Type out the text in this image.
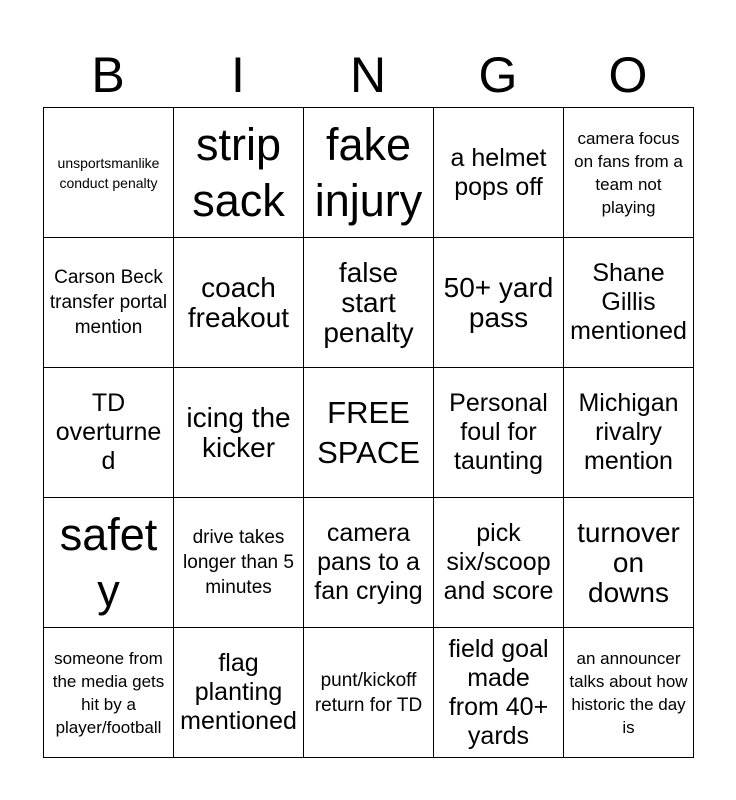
B	I	N	G	O
unsportsmanlike conduct penalty	strip sack	fake injury	a helmet pops off	camera focus on fans from a team not playing

Carson Beck transfer portal mention	coach freakout	false start penalty	50+ yard pass	Shane Gillis mentioned

TD overturned	icing the kicker	FREE SPACE	Personal foul for taunting	Michigan rivalry mention

safety	drive takes longer than 5 minutes	camera pans to a fan crying	pick six/scoop and score	turnover on downs

someone from the media gets hit by a player/football	flag planting mentioned	punt/kickoff return for TD	field goal made from 40+ yards	an announcer talks about how historic the day is
